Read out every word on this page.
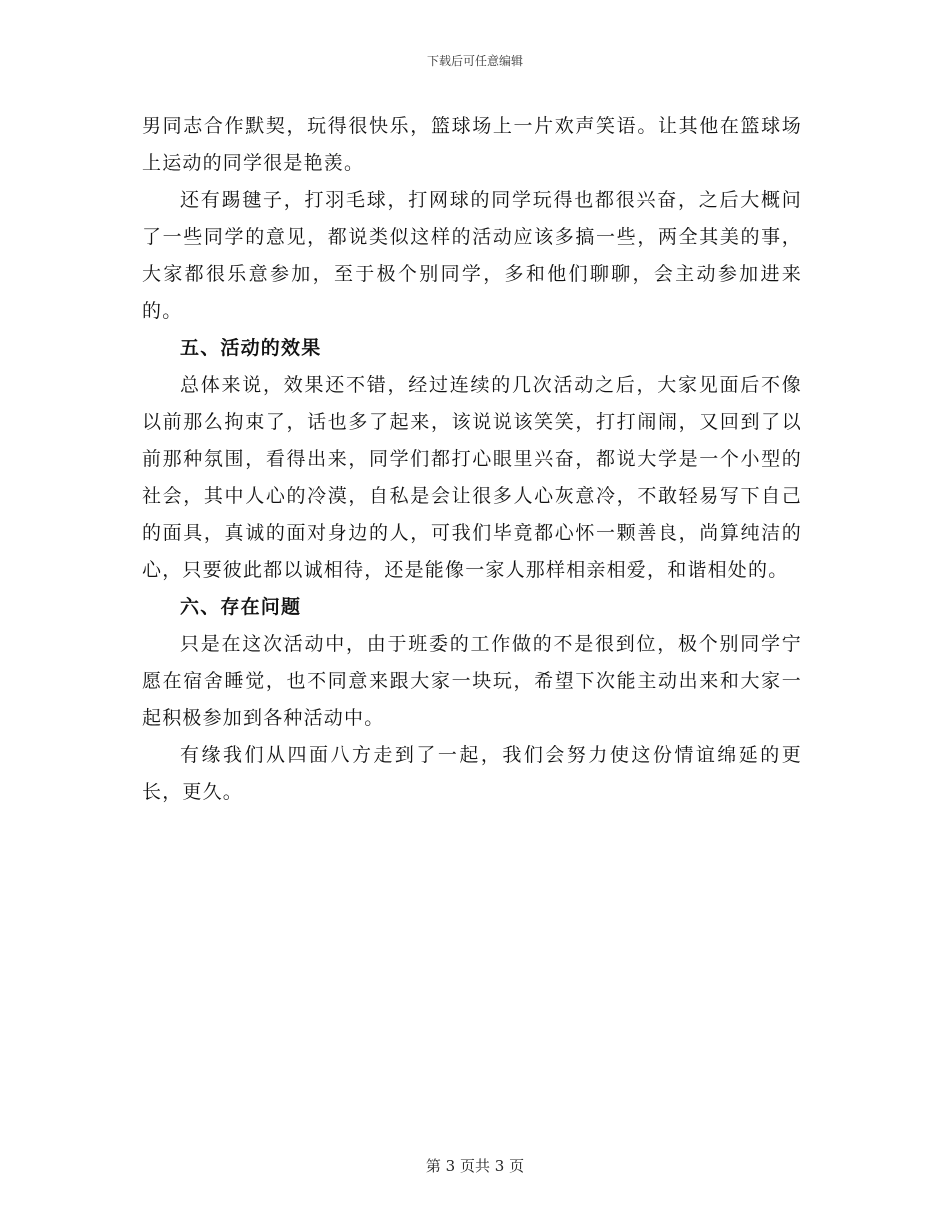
下载后可任意编辑

男同志合作默契，玩得很快乐，篮球场上一片欢声笑语。让其他在篮球场上运动的同学很是艳羡。

还有踢毽子，打羽毛球，打网球的同学玩得也都很兴奋，之后大概问了一些同学的意见，都说类似这样的活动应该多搞一些，两全其美的事，大家都很乐意参加，至于极个别同学，多和他们聊聊，会主动参加进来的。

五、活动的效果

总体来说，效果还不错，经过连续的几次活动之后，大家见面后不像以前那么拘束了，话也多了起来，该说说该笑笑，打打闹闹，又回到了以前那种氛围，看得出来，同学们都打心眼里兴奋，都说大学是一个小型的社会，其中人心的冷漠，自私是会让很多人心灰意冷，不敢轻易写下自己的面具，真诚的面对身边的人，可我们毕竟都心怀一颗善良，尚算纯洁的心，只要彼此都以诚相待，还是能像一家人那样相亲相爱，和谐相处的。

六、存在问题

只是在这次活动中，由于班委的工作做的不是很到位，极个别同学宁愿在宿舍睡觉，也不同意来跟大家一块玩，希望下次能主动出来和大家一起积极参加到各种活动中。

有缘我们从四面八方走到了一起，我们会努力使这份情谊绵延的更长，更久。

第 3 页共 3 页
